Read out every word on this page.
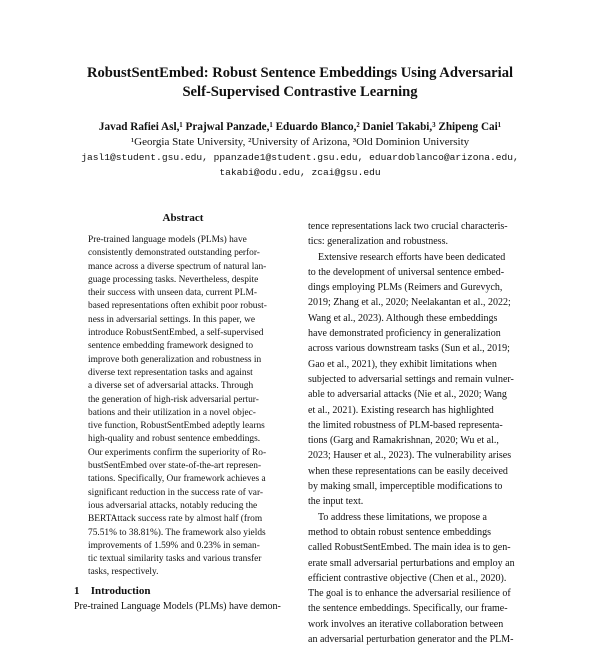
RobustSentEmbed: Robust Sentence Embeddings Using Adversarial
Self-Supervised Contrastive Learning
Javad Rafiei Asl,¹ Prajwal Panzade,¹ Eduardo Blanco,² Daniel Takabi,³ Zhipeng Cai¹
¹Georgia State University, ²University of Arizona, ³Old Dominion University
jasl1@student.gsu.edu, ppanzade1@student.gsu.edu, eduardoblanco@arizona.edu,
takabi@odu.edu, zcai@gsu.edu
Abstract
Pre-trained language models (PLMs) have
consistently demonstrated outstanding perfor-
mance across a diverse spectrum of natural lan-
guage processing tasks. Nevertheless, despite
their success with unseen data, current PLM-
based representations often exhibit poor robust-
ness in adversarial settings. In this paper, we
introduce RobustSentEmbed, a self-supervised
sentence embedding framework designed to
improve both generalization and robustness in
diverse text representation tasks and against
a diverse set of adversarial attacks. Through
the generation of high-risk adversarial pertur-
bations and their utilization in a novel objec-
tive function, RobustSentEmbed adeptly learns
high-quality and robust sentence embeddings.
Our experiments confirm the superiority of Ro-
bustSentEmbed over state-of-the-art represen-
tations. Specifically, Our framework achieves a
significant reduction in the success rate of var-
ious adversarial attacks, notably reducing the
BERTAttack success rate by almost half (from
75.51% to 38.81%). The framework also yields
improvements of 1.59% and 0.23% in seman-
tic textual similarity tasks and various transfer
tasks, respectively.
1 Introduction
Pre-trained Language Models (PLMs) have demon-
tence representations lack two crucial characteris-
tics: generalization and robustness.
 Extensive research efforts have been dedicated
to the development of universal sentence embed-
dings employing PLMs (Reimers and Gurevych,
2019; Zhang et al., 2020; Neelakantan et al., 2022;
Wang et al., 2023). Although these embeddings
have demonstrated proficiency in generalization
across various downstream tasks (Sun et al., 2019;
Gao et al., 2021), they exhibit limitations when
subjected to adversarial settings and remain vulner-
able to adversarial attacks (Nie et al., 2020; Wang
et al., 2021). Existing research has highlighted
the limited robustness of PLM-based representa-
tions (Garg and Ramakrishnan, 2020; Wu et al.,
2023; Hauser et al., 2023). The vulnerability arises
when these representations can be easily deceived
by making small, imperceptible modifications to
the input text.
 To address these limitations, we propose a
method to obtain robust sentence embeddings
called RobustSentEmbed. The main idea is to gen-
erate small adversarial perturbations and employ an
efficient contrastive objective (Chen et al., 2020).
The goal is to enhance the adversarial resilience of
the sentence embeddings. Specifically, our frame-
work involves an iterative collaboration between
an adversarial perturbation generator and the PLM-
